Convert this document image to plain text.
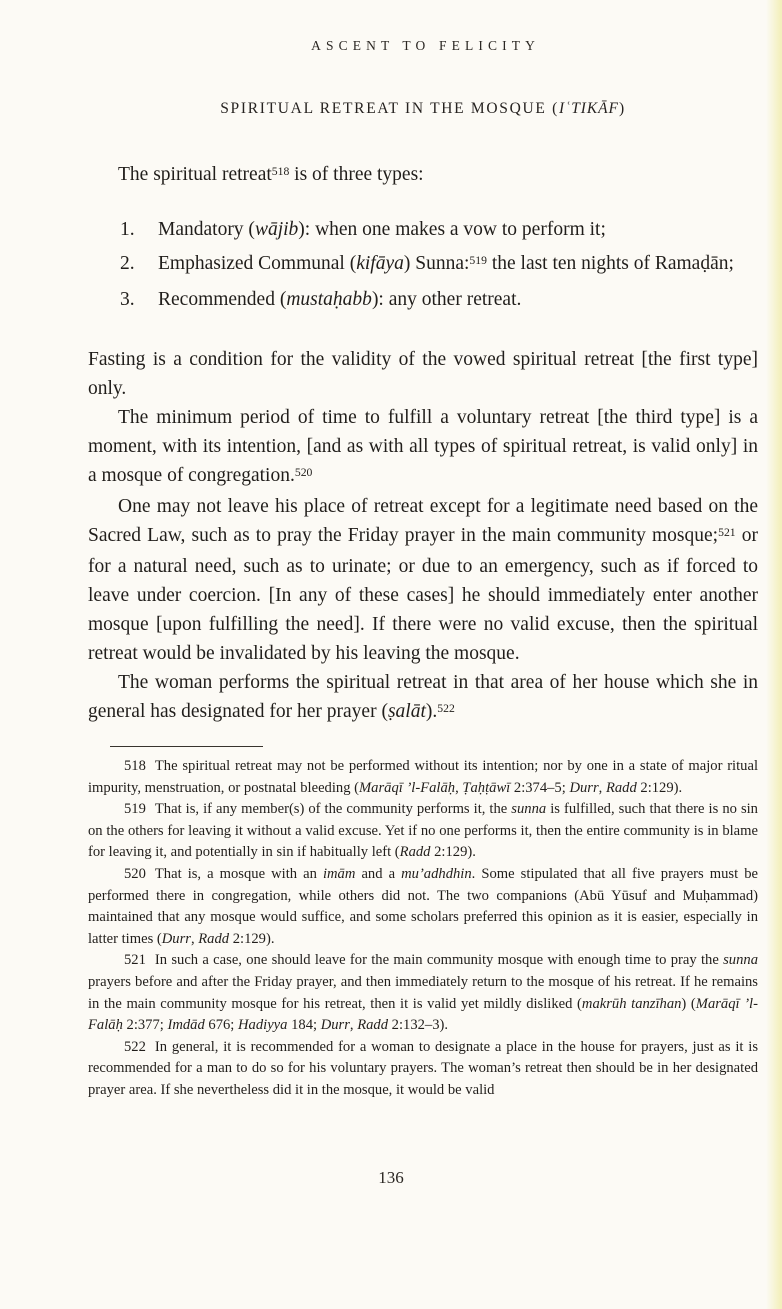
ASCENT TO FELICITY
SPIRITUAL RETREAT IN THE MOSQUE (IʿTIKĀF)

The spiritual retreat$^{518}$ is of three types:

1.	Mandatory (wājib): when one makes a vow to perform it;
2.	Emphasized Communal (kifāya) Sunna:$^{519}$ the last ten nights of Ramaḍān;
3.	Recommended (mustaḥabb): any other retreat.

Fasting is a condition for the validity of the vowed spiritual retreat [the first type] only.

The minimum period of time to fulfill a voluntary retreat [the third type] is a moment, with its intention, [and as with all types of spiritual retreat, is valid only] in a mosque of congregation.$^{520}$

One may not leave his place of retreat except for a legitimate need based on the Sacred Law, such as to pray the Friday prayer in the main community mosque;$^{521}$ or for a natural need, such as to urinate; or due to an emergency, such as if forced to leave under coercion. [In any of these cases] he should immediately enter another mosque [upon fulfilling the need]. If there were no valid excuse, then the spiritual retreat would be invalidated by his leaving the mosque.

The woman performs the spiritual retreat in that area of her house which she in general has designated for her prayer (ṣalāt).$^{522}$

518 The spiritual retreat may not be performed without its intention; nor by one in a state of major ritual impurity, menstruation, or postnatal bleeding (Marāqī ’l-Falāḥ, Ṭaḥṭāwī 2:374–5; Durr, Radd 2:129).

519 That is, if any member(s) of the community performs it, the sunna is fulfilled, such that there is no sin on the others for leaving it without a valid excuse. Yet if no one performs it, then the entire community is in blame for leaving it, and potentially in sin if habitually left (Radd 2:129).

520 That is, a mosque with an imām and a mu’adhdhin. Some stipulated that all five prayers must be performed there in congregation, while others did not. The two companions (Abū Yūsuf and Muḥammad) maintained that any mosque would suffice, and some scholars preferred this opinion as it is easier, especially in latter times (Durr, Radd 2:129).

521 In such a case, one should leave for the main community mosque with enough time to pray the sunna prayers before and after the Friday prayer, and then immediately return to the mosque of his retreat. If he remains in the main community mosque for his retreat, then it is valid yet mildly disliked (makrūh tanzīhan) (Marāqī ’l-Falāḥ 2:377; Imdād 676; Hadiyya 184; Durr, Radd 2:132–3).

522 In general, it is recommended for a woman to designate a place in the house for prayers, just as it is recommended for a man to do so for his voluntary prayers. The woman’s retreat then should be in her designated prayer area. If she nevertheless did it in the mosque, it would be valid

136
